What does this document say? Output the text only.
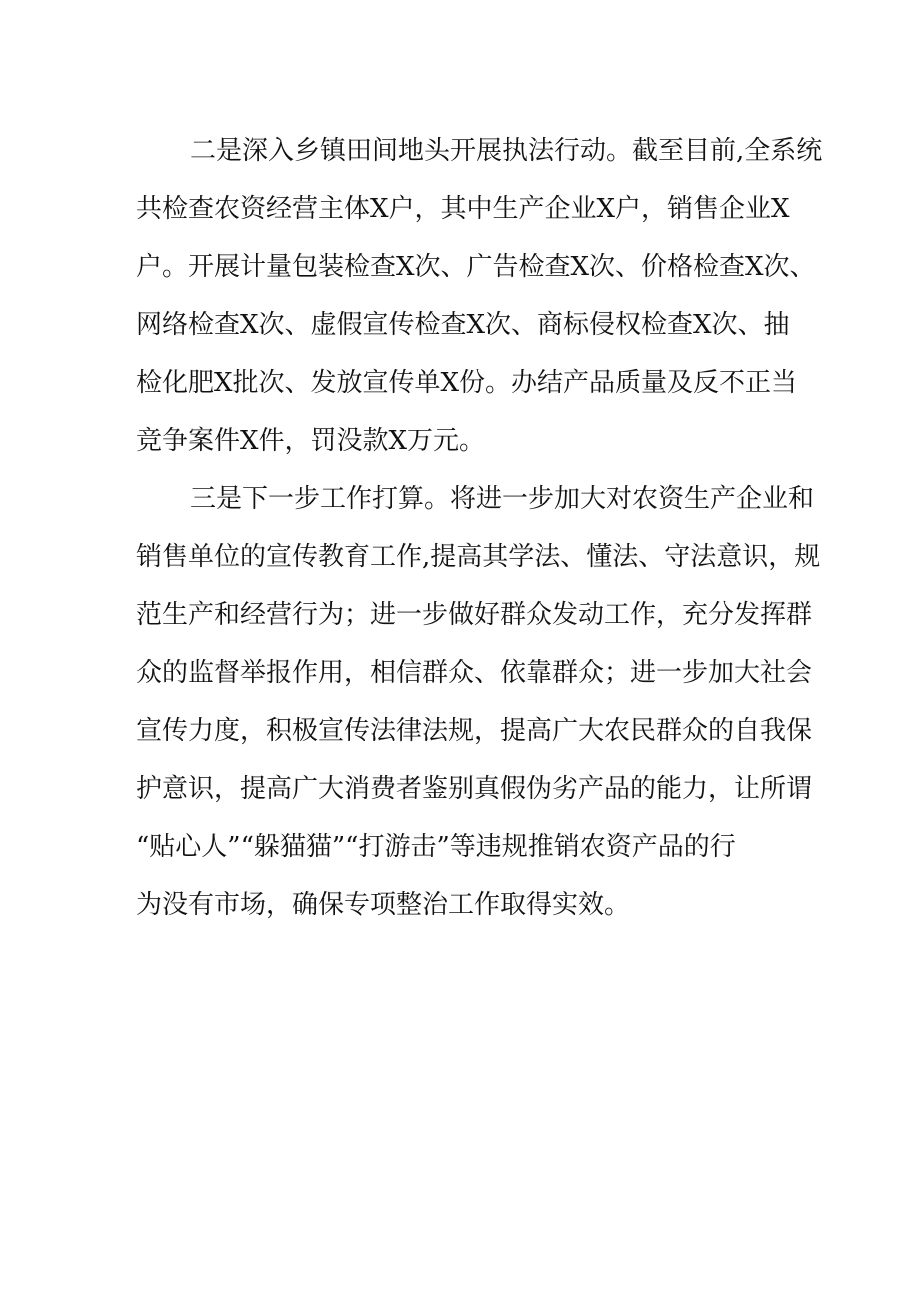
二是深入乡镇田间地头开展执法行动。截至目前,全系统
共检查农资经营主体X户，其中生产企业X户，销售企业X
户。开展计量包装检查X次、广告检查X次、价格检查X次、
网络检查X次、虚假宣传检查X次、商标侵权检查X次、抽
检化肥X批次、发放宣传单X份。办结产品质量及反不正当
竞争案件X件，罚没款X万元。
三是下一步工作打算。将进一步加大对农资生产企业和
销售单位的宣传教育工作,提高其学法、懂法、守法意识，规
范生产和经营行为；进一步做好群众发动工作，充分发挥群
众的监督举报作用，相信群众、依靠群众；进一步加大社会
宣传力度，积极宣传法律法规，提高广大农民群众的自我保
护意识，提高广大消费者鉴别真假伪劣产品的能力，让所谓
“贴心人”“躲猫猫”“打游击”等违规推销农资产品的行
为没有市场，确保专项整治工作取得实效。
